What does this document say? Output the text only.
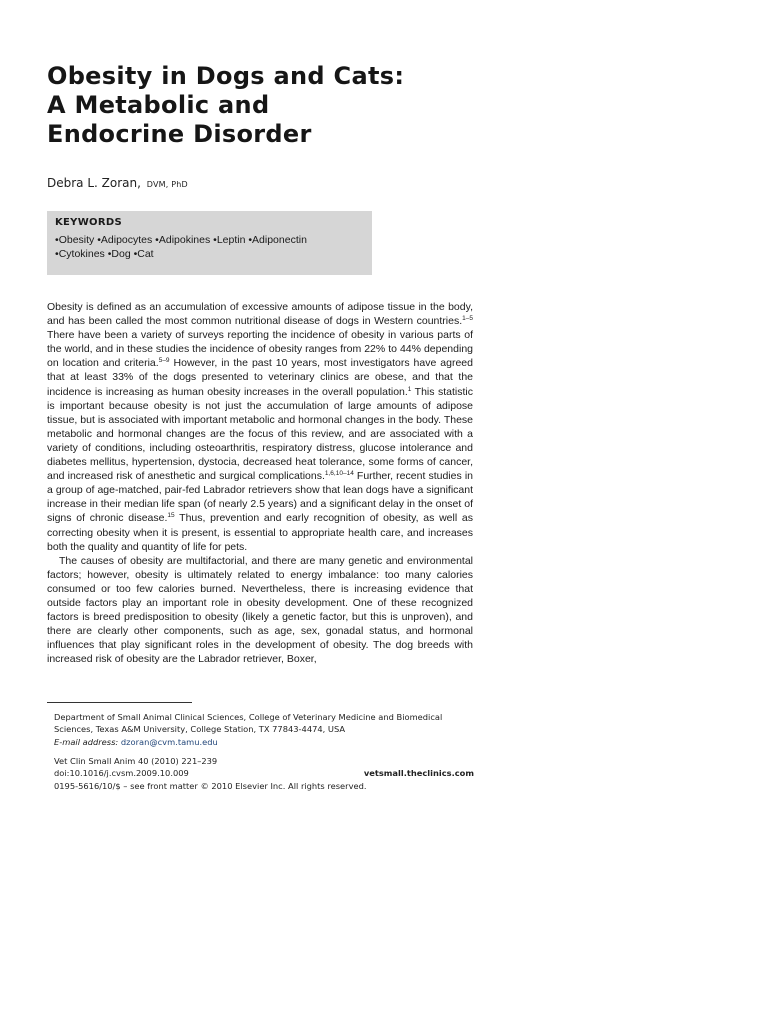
Obesity in Dogs and Cats: A Metabolic and Endocrine Disorder
Debra L. Zoran, DVM, PhD
KEYWORDS
• Obesity • Adipocytes • Adipokines • Leptin • Adiponectin
• Cytokines • Dog • Cat

Obesity is defined as an accumulation of excessive amounts of adipose tissue in the body, and has been called the most common nutritional disease of dogs in Western countries.$^{1-5}$ There have been a variety of surveys reporting the incidence of obesity in various parts of the world, and in these studies the incidence of obesity ranges from 22% to 44% depending on location and criteria.$^{5-9}$ However, in the past 10 years, most investigators have agreed that at least 33% of the dogs presented to veterinary clinics are obese, and that the incidence is increasing as human obesity increases in the overall population.$^1$ This statistic is important because obesity is not just the accumulation of large amounts of adipose tissue, but is associated with important metabolic and hormonal changes in the body. These metabolic and hormonal changes are the focus of this review, and are associated with a variety of conditions, including osteoarthritis, respiratory distress, glucose intolerance and diabetes mellitus, hypertension, dystocia, decreased heat tolerance, some forms of cancer, and increased risk of anesthetic and surgical complications.$^{1,6,10-14}$ Further, recent studies in a group of age-matched, pair-fed Labrador retrievers show that lean dogs have a significant increase in their median life span (of nearly 2.5 years) and a significant delay in the onset of signs of chronic disease.$^{15}$ Thus, prevention and early recognition of obesity, as well as correcting obesity when it is present, is essential to appropriate health care, and increases both the quality and quantity of life for pets.

The causes of obesity are multifactorial, and there are many genetic and environmental factors; however, obesity is ultimately related to energy imbalance: too many calories consumed or too few calories burned. Nevertheless, there is increasing evidence that outside factors play an important role in obesity development. One of these recognized factors is breed predisposition to obesity (likely a genetic factor, but this is unproven), and there are clearly other components, such as age, sex, gonadal status, and hormonal influences that play significant roles in the development of obesity. The dog breeds with increased risk of obesity are the Labrador retriever, Boxer,

Department of Small Animal Clinical Sciences, College of Veterinary Medicine and Biomedical Sciences, Texas A&M University, College Station, TX 77843-4474, USA
E-mail address: dzoran@cvm.tamu.edu
Vet Clin Small Anim 40 (2010) 221–239
doi:10.1016/j.cvsm.2009.10.009	vetsmall.theclinics.com
0195-5616/10/$ – see front matter © 2010 Elsevier Inc. All rights reserved.
